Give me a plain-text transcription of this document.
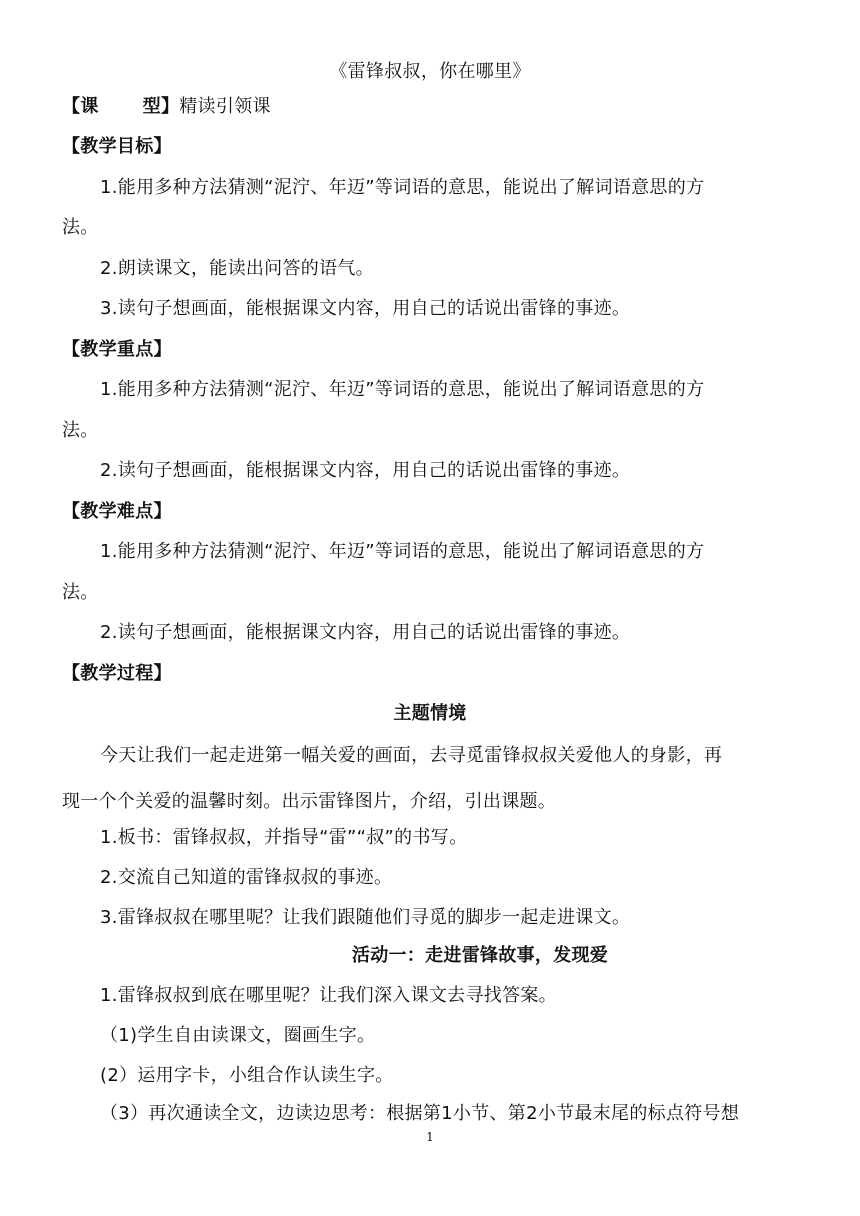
《雷锋叔叔，你在哪里》
【课 型】精读引领课
【教学目标】
1.能用多种方法猜测“泥泞、年迈”等词语的意思，能说出了解词语意思的方
法。
2.朗读课文，能读出问答的语气。
3.读句子想画面，能根据课文内容，用自己的话说出雷锋的事迹。
【教学重点】
1.能用多种方法猜测“泥泞、年迈”等词语的意思，能说出了解词语意思的方
法。
2.读句子想画面，能根据课文内容，用自己的话说出雷锋的事迹。
【教学难点】
1.能用多种方法猜测“泥泞、年迈”等词语的意思，能说出了解词语意思的方
法。
2.读句子想画面，能根据课文内容，用自己的话说出雷锋的事迹。
【教学过程】
主题情境
今天让我们一起走进第一幅关爱的画面，去寻觅雷锋叔叔关爱他人的身影，再
现一个个关爱的温馨时刻。出示雷锋图片，介绍，引出课题。
1.板书：雷锋叔叔，并指导“雷”“叔”的书写。
2.交流自己知道的雷锋叔叔的事迹。
3.雷锋叔叔在哪里呢？让我们跟随他们寻觅的脚步一起走进课文。
活动一：走进雷锋故事，发现爱
1.雷锋叔叔到底在哪里呢？让我们深入课文去寻找答案。
（1)学生自由读课文，圈画生字。
(2）运用字卡，小组合作认读生字。
（3）再次通读全文，边读边思考：根据第1小节、第2小节最末尾的标点符号想
1
